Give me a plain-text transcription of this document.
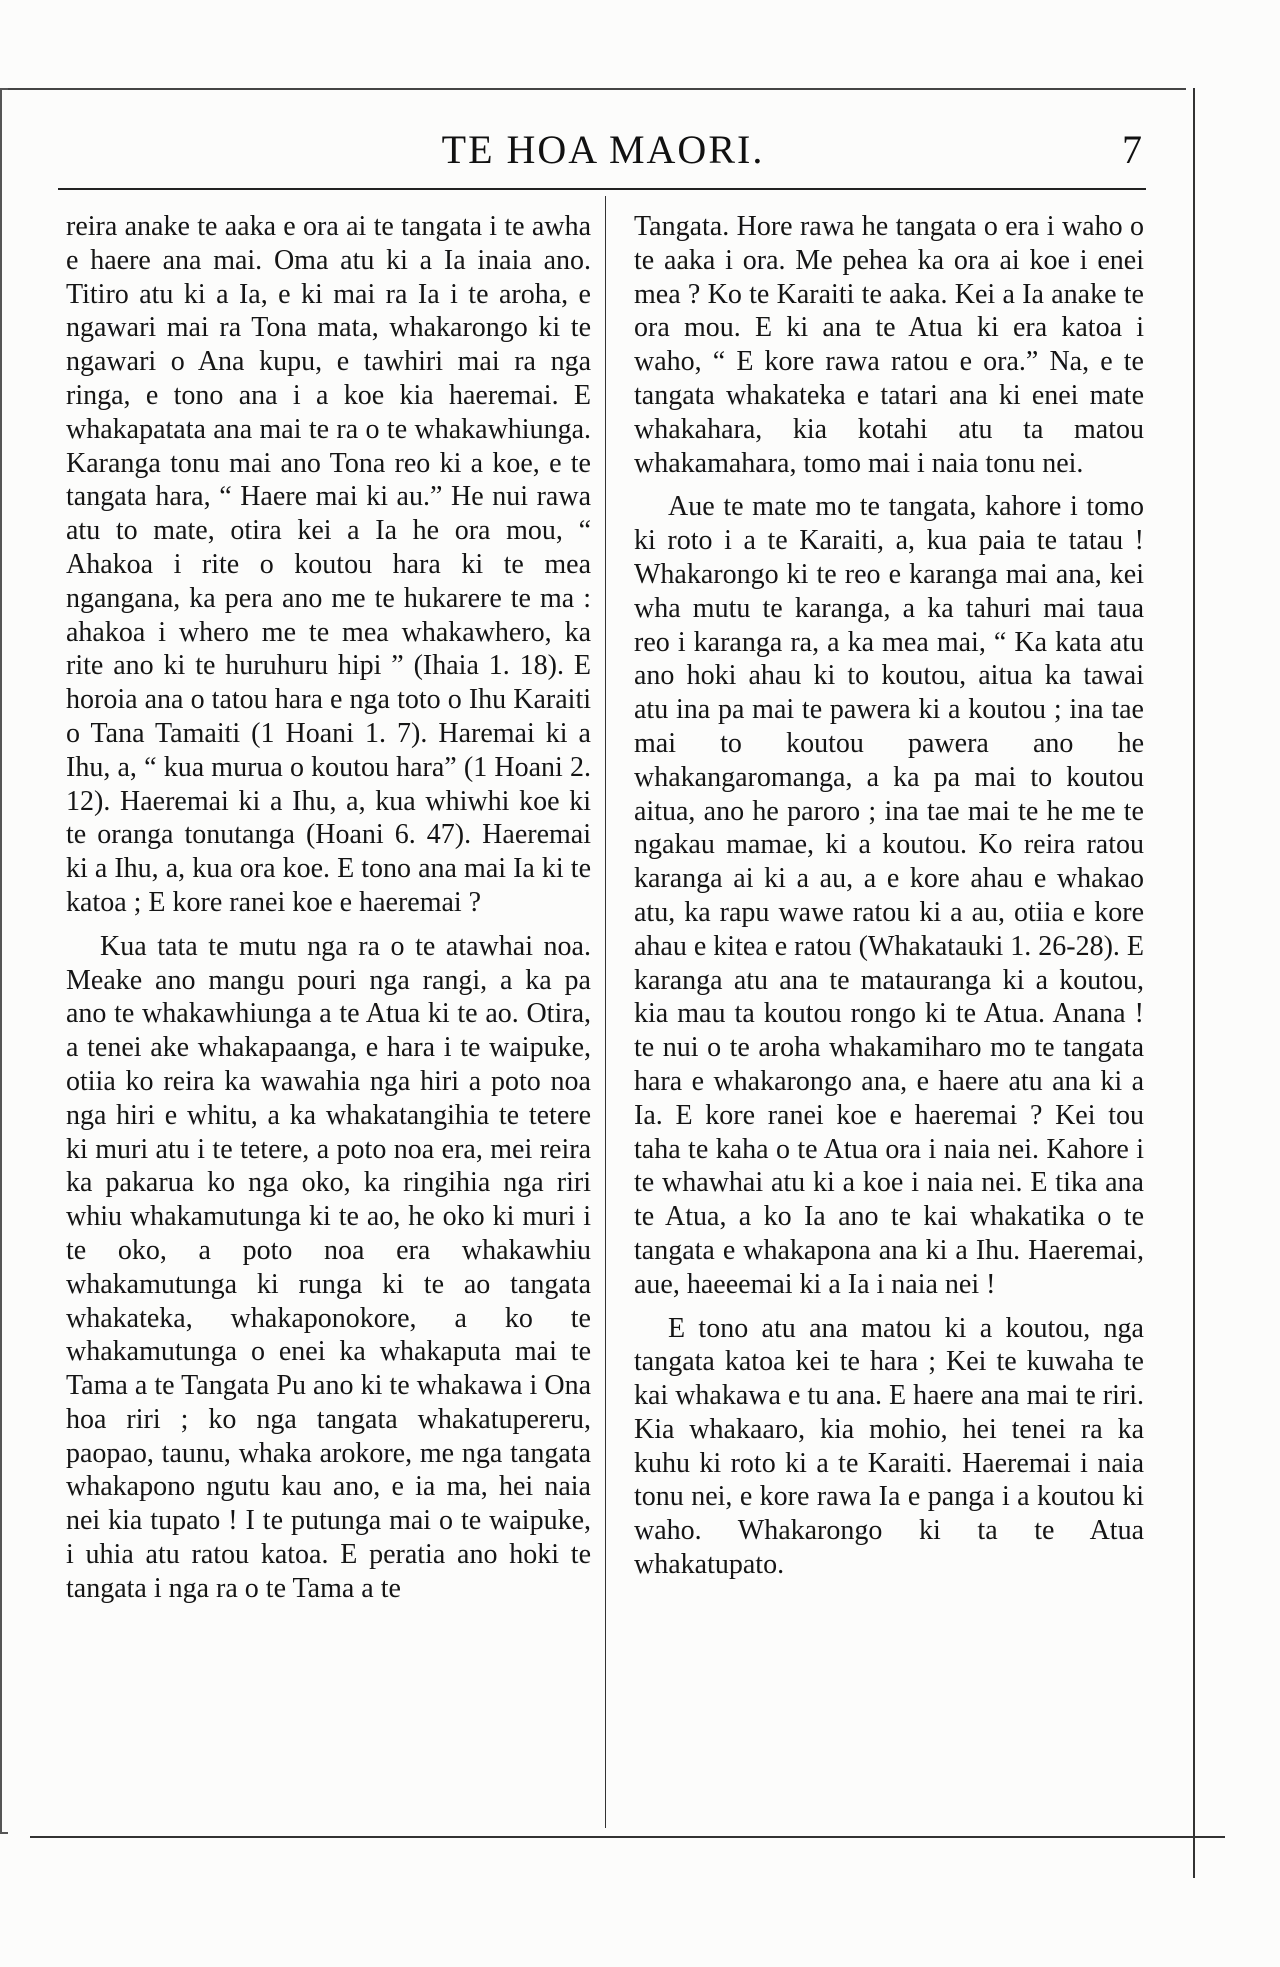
TE HOA MAORI.	7

reira anake te aaka e ora ai te tangata i te awha e haere ana mai. Oma atu ki a Ia inaia ano. Titiro atu ki a Ia, e ki mai ra Ia i te aroha, e ngawari mai ra Tona mata, whakarongo ki te ngawari o Ana kupu, e tawhiri mai ra nga ringa, e tono ana i a koe kia haeremai. E whakapatata ana mai te ra o te whakawhiunga. Karanga tonu mai ano Tona reo ki a koe, e te tangata hara, “ Haere mai ki au.” He nui rawa atu to mate, otira kei a Ia he ora mou, “ Ahakoa i rite o koutou hara ki te mea ngangana, ka pera ano me te hukarere te ma : ahakoa i whero me te mea whakawhero, ka rite ano ki te huruhuru hipi ” (Ihaia 1. 18). E horoia ana o tatou hara e nga toto o Ihu Karaiti o Tana Tamaiti (1 Hoani 1. 7). Haremai ki a Ihu, a, “ kua murua o koutou hara” (1 Hoani 2. 12). Haeremai ki a Ihu, a, kua whiwhi koe ki te oranga tonutanga (Hoani 6. 47). Haeremai ki a Ihu, a, kua ora koe. E tono ana mai Ia ki te katoa ; E kore ranei koe e haeremai ?

Kua tata te mutu nga ra o te atawhai noa. Meake ano mangu pouri nga rangi, a ka pa ano te whakawhiunga a te Atua ki te ao. Otira, a tenei ake whakapaanga, e hara i te waipuke, otiia ko reira ka wawahia nga hiri a poto noa nga hiri e whitu, a ka whakatangihia te tetere ki muri atu i te tetere, a poto noa era, mei reira ka pakarua ko nga oko, ka ringihia nga riri whiu whakamutunga ki te ao, he oko ki muri i te oko, a poto noa era whakawhiu whakamutunga ki runga ki te ao tangata whakateka, whakaponokore, a ko te whakamutunga o enei ka whakaputa mai te Tama a te Tangata Pu ano ki te whakawa i Ona hoa riri ; ko nga tangata whakatupereru, paopao, taunu, whaka arokore, me nga tangata whakapono ngutu kau ano, e ia ma, hei naia nei kia tupato ! I te putunga mai o te waipuke, i uhia atu ratou katoa. E peratia ano hoki te tangata i nga ra o te Tama a te

Tangata. Hore rawa he tangata o era i waho o te aaka i ora. Me pehea ka ora ai koe i enei mea ? Ko te Karaiti te aaka. Kei a Ia anake te ora mou. E ki ana te Atua ki era katoa i waho, “ E kore rawa ratou e ora.” Na, e te tangata whakateka e tatari ana ki enei mate whakahara, kia kotahi atu ta matou whakamahara, tomo mai i naia tonu nei.

Aue te mate mo te tangata, kahore i tomo ki roto i a te Karaiti, a, kua paia te tatau ! Whakarongo ki te reo e karanga mai ana, kei wha mutu te karanga, a ka tahuri mai taua reo i karanga ra, a ka mea mai, “ Ka kata atu ano hoki ahau ki to koutou, aitua ka tawai atu ina pa mai te pawera ki a koutou ; ina tae mai to koutou pawera ano he whakangaromanga, a ka pa mai to koutou aitua, ano he paroro ; ina tae mai te he me te ngakau mamae, ki a koutou. Ko reira ratou karanga ai ki a au, a e kore ahau e whakao atu, ka rapu wawe ratou ki a au, otiia e kore ahau e kitea e ratou (Whakatauki 1. 26-28). E karanga atu ana te matauranga ki a koutou, kia mau ta koutou rongo ki te Atua. Anana ! te nui o te aroha whakamiharo mo te tangata hara e whakarongo ana, e haere atu ana ki a Ia. E kore ranei koe e haeremai ? Kei tou taha te kaha o te Atua ora i naia nei. Kahore i te whawhai atu ki a koe i naia nei. E tika ana te Atua, a ko Ia ano te kai whakatika o te tangata e whakapona ana ki a Ihu. Haeremai, aue, haeeemai ki a Ia i naia nei !

E tono atu ana matou ki a koutou, nga tangata katoa kei te hara ; Kei te kuwaha te kai whakawa e tu ana. E haere ana mai te riri. Kia whakaaro, kia mohio, hei tenei ra ka kuhu ki roto ki a te Karaiti. Haeremai i naia tonu nei, e kore rawa Ia e panga i a koutou ki waho. Whakarongo ki ta te Atua whakatupato.
